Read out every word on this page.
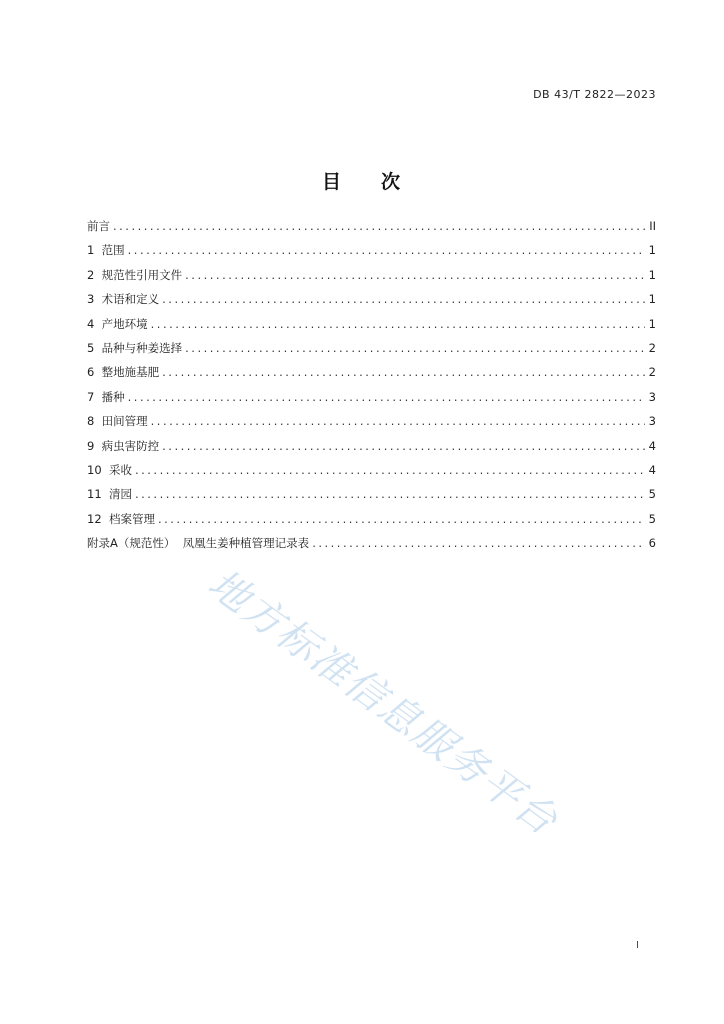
DB 43/T 2822—2023
目 次
前言 .....	II
1  范围 .....	1
2  规范性引用文件 .....	1
3  术语和定义 .....	1
4  产地环境 .....	1
5  品种与种姜选择 .....	2
6  整地施基肥 .....	2
7  播种 .....	3
8  田间管理 .....	3
9  病虫害防控 .....	4
10  采收 .....	4
11  清园 .....	5
12  档案管理 .....	5
附录A（规范性）  凤凰生姜种植管理记录表 .....	6
地方标准信息服务平台
I
